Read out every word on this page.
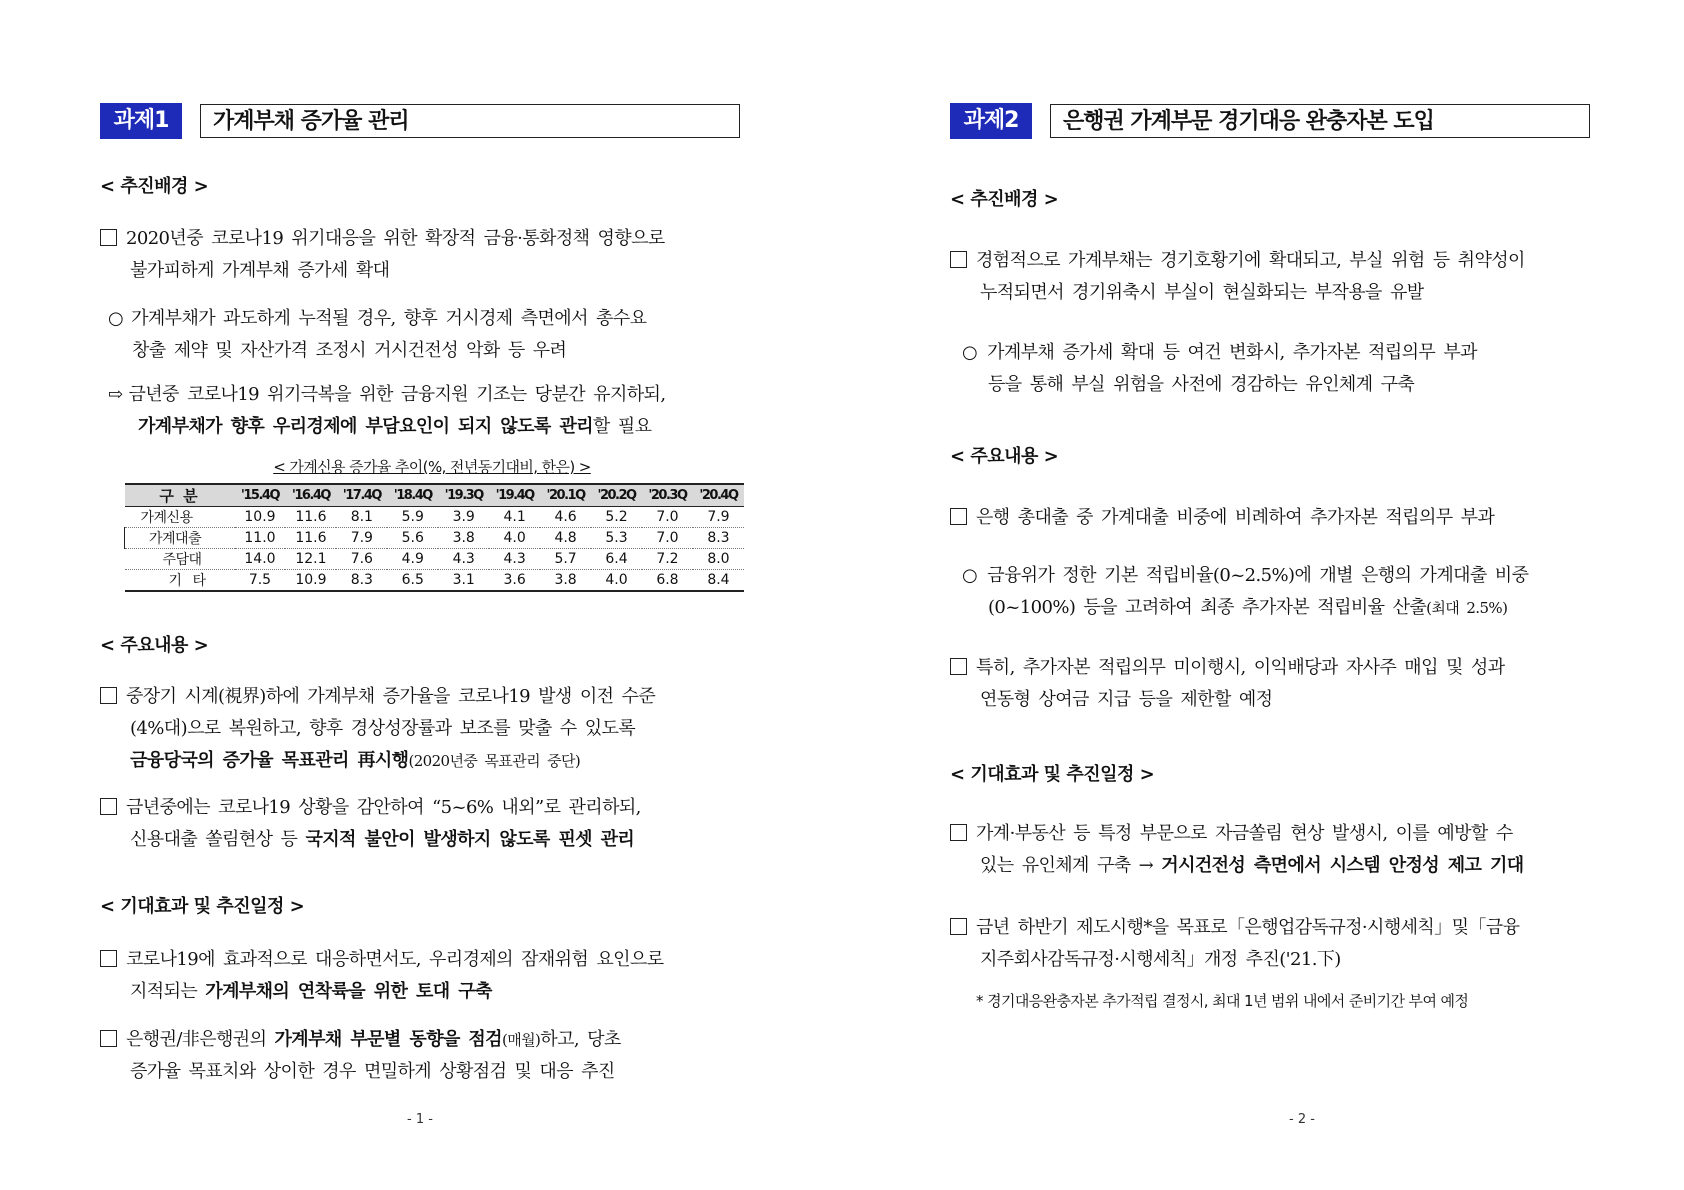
과제1	가계부채 증가율 관리
< 추진배경 >
2020년중 코로나19 위기대응을 위한 확장적 금융·통화정책 영향으로
불가피하게 가계부채 증가세 확대
○ 가계부채가 과도하게 누적될 경우, 향후 거시경제 측면에서 총수요
창출 제약 및 자산가격 조정시 거시건전성 악화 등 우려
⇨ 금년중 코로나19 위기극복을 위한 금융지원 기조는 당분간 유지하되,
가계부채가 향후 우리경제에 부담요인이 되지 않도록 관리할 필요
< 가계신용 증가율 추이(%, 전년동기대비, 한은) >
구 분	'15.4Q	'16.4Q	'17.4Q	'18.4Q	'19.3Q	'19.4Q	'20.1Q	'20.2Q	'20.3Q	'20.4Q
가계신용	10.9	11.6	8.1	5.9	3.9	4.1	4.6	5.2	7.0	7.9
가계대출	11.0	11.6	7.9	5.6	3.8	4.0	4.8	5.3	7.0	8.3
주담대	14.0	12.1	7.6	4.9	4.3	4.3	5.7	6.4	7.2	8.0
기 타	7.5	10.9	8.3	6.5	3.1	3.6	3.8	4.0	6.8	8.4
< 주요내용 >
중장기 시계(視界)하에 가계부채 증가율을 코로나19 발생 이전 수준
(4%대)으로 복원하고, 향후 경상성장률과 보조를 맞출 수 있도록
금융당국의 증가율 목표관리 再시행(2020년중 목표관리 중단)
금년중에는 코로나19 상황을 감안하여 “5~6% 내외”로 관리하되,
신용대출 쏠림현상 등 국지적 불안이 발생하지 않도록 핀셋 관리
< 기대효과 및 추진일정 >
코로나19에 효과적으로 대응하면서도, 우리경제의 잠재위험 요인으로
지적되는 가계부채의 연착륙을 위한 토대 구축
은행권/非은행권의 가계부채 부문별 동향을 점검(매월)하고, 당초
증가율 목표치와 상이한 경우 면밀하게 상황점검 및 대응 추진
- 1 -
과제2	은행권 가계부문 경기대응 완충자본 도입
< 추진배경 >
경험적으로 가계부채는 경기호황기에 확대되고, 부실 위험 등 취약성이
누적되면서 경기위축시 부실이 현실화되는 부작용을 유발
○ 가계부채 증가세 확대 등 여건 변화시, 추가자본 적립의무 부과
등을 통해 부실 위험을 사전에 경감하는 유인체계 구축
< 주요내용 >
은행 총대출 중 가계대출 비중에 비례하여 추가자본 적립의무 부과
○ 금융위가 정한 기본 적립비율(0~2.5%)에 개별 은행의 가계대출 비중
(0~100%) 등을 고려하여 최종 추가자본 적립비율 산출(최대 2.5%)
특히, 추가자본 적립의무 미이행시, 이익배당과 자사주 매입 및 성과
연동형 상여금 지급 등을 제한할 예정
< 기대효과 및 추진일정 >
가계·부동산 등 특정 부문으로 자금쏠림 현상 발생시, 이를 예방할 수
있는 유인체계 구축 → 거시건전성 측면에서 시스템 안정성 제고 기대
금년 하반기 제도시행*을 목표로「은행업감독규정·시행세칙」및「금융
지주회사감독규정·시행세칙」개정 추진('21.下)
* 경기대응완충자본 추가적립 결정시, 최대 1년 범위 내에서 준비기간 부여 예정
- 2 -
